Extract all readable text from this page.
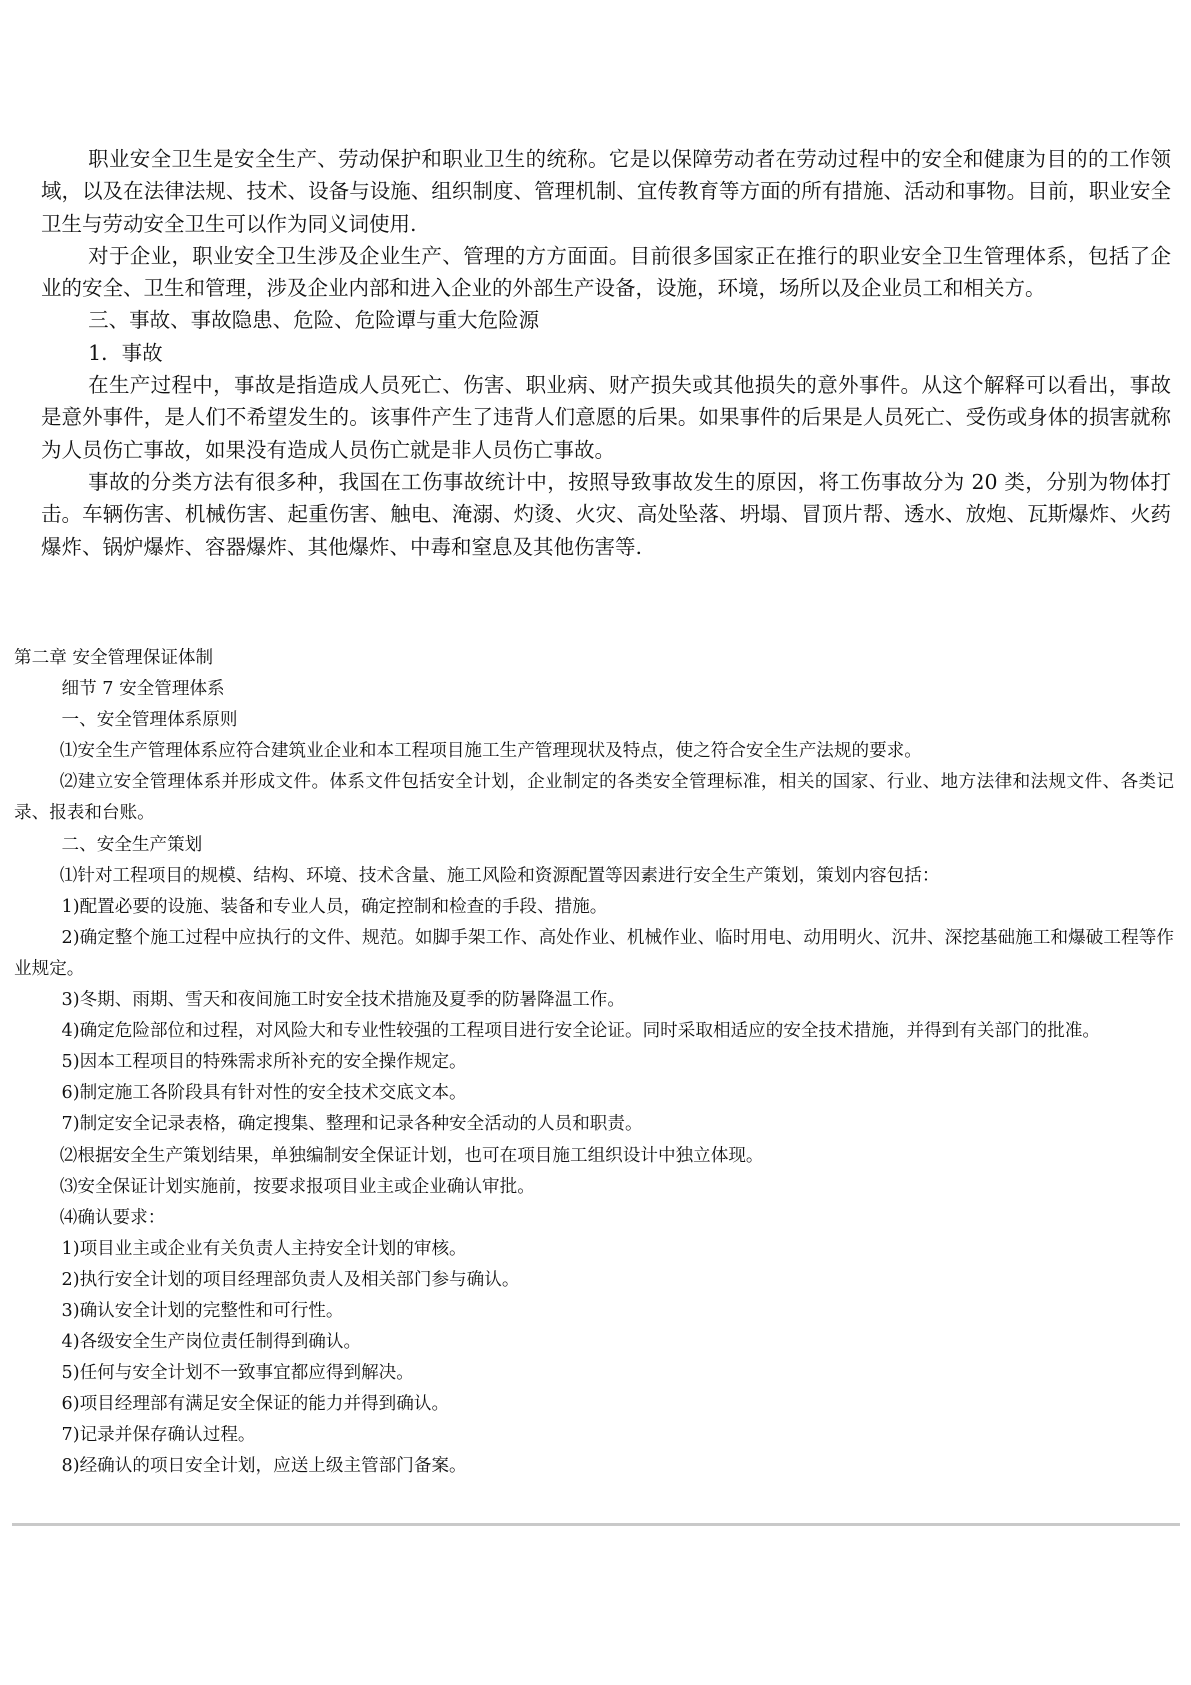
职业安全卫生是安全生产、劳动保护和职业卫生的统称。它是以保障劳动者在劳动过程中的安全和健康为目的的工作领域，以及在法律法规、技术、设备与设施、组织制度、管理机制、宜传教育等方面的所有措施、活动和事物。目前，职业安全卫生与劳动安全卫生可以作为同义词使用.

对于企业，职业安全卫生涉及企业生产、管理的方方面面。目前很多国家正在推行的职业安全卫生管理体系，包括了企业的安全、卫生和管理，涉及企业内部和进入企业的外部生产设备，设施，环境，场所以及企业员工和相关方。

三、事故、事故隐患、危险、危险谭与重大危险源

1．事故

在生产过程中，事故是指造成人员死亡、伤害、职业病、财产损失或其他损失的意外事件。从这个解释可以看出，事故是意外事件，是人们不希望发生的。该事件产生了违背人们意愿的后果。如果事件的后果是人员死亡、受伤或身体的损害就称为人员伤亡事故，如果没有造成人员伤亡就是非人员伤亡事故。

事故的分类方法有很多种，我国在工伤事故统计中，按照导致事故发生的原因，将工伤事故分为 20 类，分别为物体打击。车辆伤害、机械伤害、起重伤害、触电、淹溺、灼烫、火灾、高处坠落、坍塌、冒顶片帮、透水、放炮、瓦斯爆炸、火药爆炸、锅炉爆炸、容器爆炸、其他爆炸、中毒和窒息及其他伤害等.

第二章 安全管理保证体制

细节 7 安全管理体系

一、安全管理体系原则

⑴安全生产管理体系应符合建筑业企业和本工程项目施工生产管理现状及特点，使之符合安全生产法规的要求。

⑵建立安全管理体系并形成文件。体系文件包括安全计划，企业制定的各类安全管理标准，相关的国家、行业、地方法律和法规文件、各类记录、报表和台账。

二、安全生产策划

⑴针对工程项目的规模、结构、环境、技术含量、施工风险和资源配置等因素进行安全生产策划，策划内容包括：

1)配置必要的设施、装备和专业人员，确定控制和检查的手段、措施。

2)确定整个施工过程中应执行的文件、规范。如脚手架工作、高处作业、机械作业、临时用电、动用明火、沉井、深挖基础施工和爆破工程等作业规定。

3)冬期、雨期、雪天和夜间施工时安全技术措施及夏季的防暑降温工作。

4)确定危险部位和过程，对风险大和专业性较强的工程项目进行安全论证。同时采取相适应的安全技术措施，并得到有关部门的批准。

5)因本工程项目的特殊需求所补充的安全操作规定。

6)制定施工各阶段具有针对性的安全技术交底文本。

7)制定安全记录表格，确定搜集、整理和记录各种安全活动的人员和职责。

⑵根据安全生产策划结果，单独编制安全保证计划，也可在项目施工组织设计中独立体现。

⑶安全保证计划实施前，按要求报项目业主或企业确认审批。

⑷确认要求：

1)项目业主或企业有关负责人主持安全计划的审核。

2)执行安全计划的项目经理部负责人及相关部门参与确认。

3)确认安全计划的完整性和可行性。

4)各级安全生产岗位责任制得到确认。

5)任何与安全计划不一致事宜都应得到解决。

6)项目经理部有满足安全保证的能力并得到确认。

7)记录并保存确认过程。

8)经确认的项日安全计划，应送上级主管部门备案。
